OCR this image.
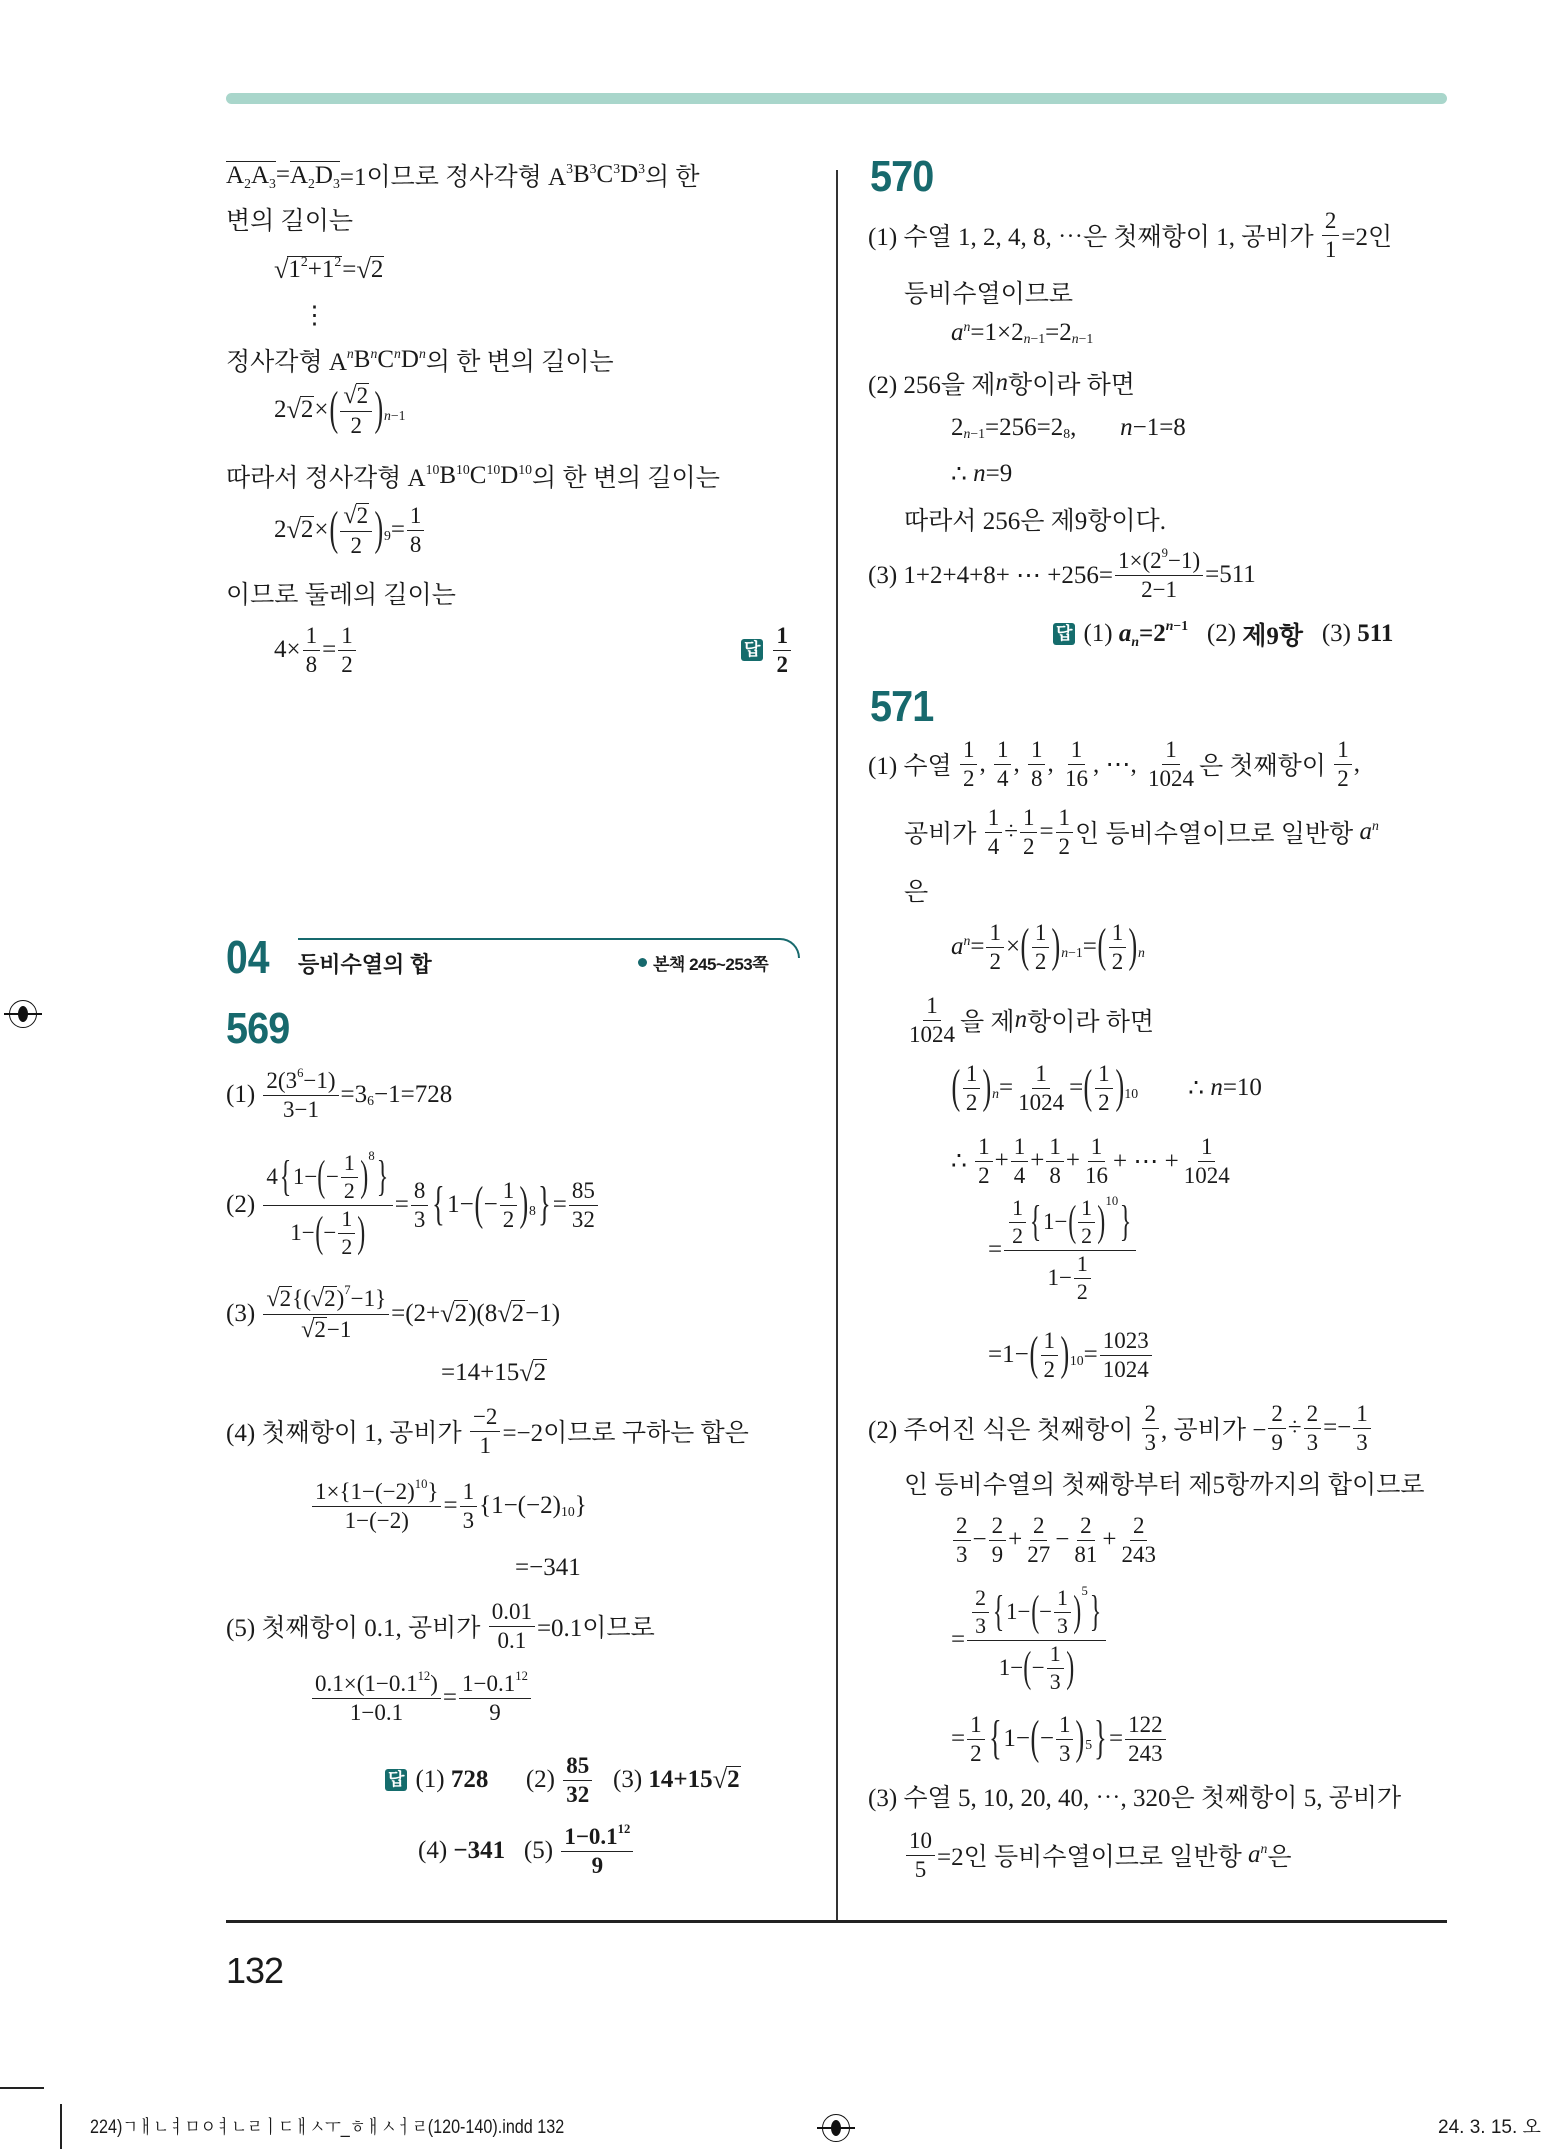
A 2 A 3 = A 2 D 3 =1이므로 정사각형 A 3 B 3 C 3 D 3 의 한
변의 길이는
√ 1 2 +1 2 = √ 2
⋮
정사각형 A n B n C n D n 의 한 변의 길이는
2 √ 2 × ( $\frac{√ 2}{2}$ ) n −1
따라서 정사각형 A 10 B 10 C 10 D 10 의 한 변의 길이는
2 √ 2 × ( $\frac{√ 2}{2}$ ) $9 = \frac{1}{8}$
이므로 둘레의 길이는
$4\times \frac{1}{8} = \frac{1}{2}$	답 $\frac{1}{2}$
04 등비수열의 합	본책 245~253쪽
569
$(1) \frac{2(3 6 -1)}{3-1} =3$ 6 −1=728
$(2) \frac{4 \{ 1- ( - \frac{1}{2} ) 8 \}}{1- ( - \frac{1}{2} )} = \frac{8}{3}$ { 1− ( − $\frac{1}{2}$ ) 8 } = $\frac{85}{32}$
$(3) \frac{√ 2 \{( √ 2 ) 7 -1\}}{√ 2 -1} =(2+$ √ 2 )(8 √ 2 −1)
=14+15 √ 2
(4) 첫째항이 1, 공비가 $\frac{-2}{1} =-2$이므로 구하는 합은
$\frac{1\times\{1-(-2) 10 \}}{1-(-2)} = \frac{1}{3} \{1-(-2)$ 10 }
=−341
(5) 첫째항이 0.1, 공비가 $\frac{0.01}{0.1} =0.1$이므로
$\frac{0.1\times(1-0.1 12 )}{1-0.1} = \frac{1-0.1 12}{9}$
답 (1) 728 $(2) \frac{85}{32} (3)$ 14+15 √ 2
(4) −341 $(5) \frac{1-0.1 12}{9}$
570
(1) 수열 1, 2, 4, 8, ⋯은 첫째항이 1, 공비가 $\frac{2}{1} =2$인
등비수열이므로
a n =1×2 n −1 =2 n −1
(2) 256을 제 n 항이라 하면
2 n −1 =256=2 8 , n −1=8
∴ n =9
따라서 256은 제9항이다.
(3) 1+2+4+8+ ⋯ $+256= \frac{1\times(2 9 -1)}{2-1} =511$
답 (1) a n =2 n −1 (2) 제9항 (3) 511
571
(1) 수열 $\frac{1}{2}$ , $\frac{1}{4}$ , $\frac{1}{8}$ , $\frac{1}{16}$ , ⋯, $\frac{1}{1024}$ 은 첫째항이 $\frac{1}{2}$ ,
공비가 $\frac{1}{4} \div \frac{1}{2} = \frac{1}{2}$ 인 등비수열이므로 일반항 a n
은
a $n = \frac{1}{2}$ × ( $\frac{1}{2}$ ) n −1 = ( $\frac{1}{2}$ ) n
$\frac{1}{1024}$ 을 제 n 항이라 하면
( $\frac{1}{2}$ ) $n = \frac{1}{1024}$ = ( $\frac{1}{2}$ ) 10 ∴ n =10
∴ $\frac{1}{2} + \frac{1}{4} + \frac{1}{8} + \frac{1}{16}$ + ⋯ + $\frac{1}{1024}$
= $\frac{\frac{1}{2} \{ 1- ( \frac{1}{2} ) 10 \}}{1- \frac{1}{2}}$
=1− ( $\frac{1}{2}$ ) $10 = \frac{1023}{1024}$
(2) 주어진 식은 첫째항이 $\frac{2}{3}$ , 공비가 − $\frac{2}{9} \div \frac{2}{3} =- \frac{1}{3}$
인 등비수열의 첫째항부터 제5항까지의 합이므로
$\frac{2}{3} - \frac{2}{9} + \frac{2}{27} - \frac{2}{81} + \frac{2}{243}$
= $\frac{\frac{2}{3} \{ 1- ( - \frac{1}{3} ) 5 \}}{1- ( - \frac{1}{3} )}$
= $\frac{1}{2}$ { 1− ( − $\frac{1}{3}$ ) 5 } = $\frac{122}{243}$
(3) 수열 5, 10, 20, 40, ⋯, 320은 첫째항이 5, 공비가
$\frac{10}{5} =2$인 등비수열이므로 일반항 a n 은
132
224)ㄱㅐㄴㅕㅁㅇㅕㄴㄹㅣㄷㅐㅅㅜ_ㅎㅐㅅㅓㄹ(120-140).indd 132	24. 3. 15. 오
